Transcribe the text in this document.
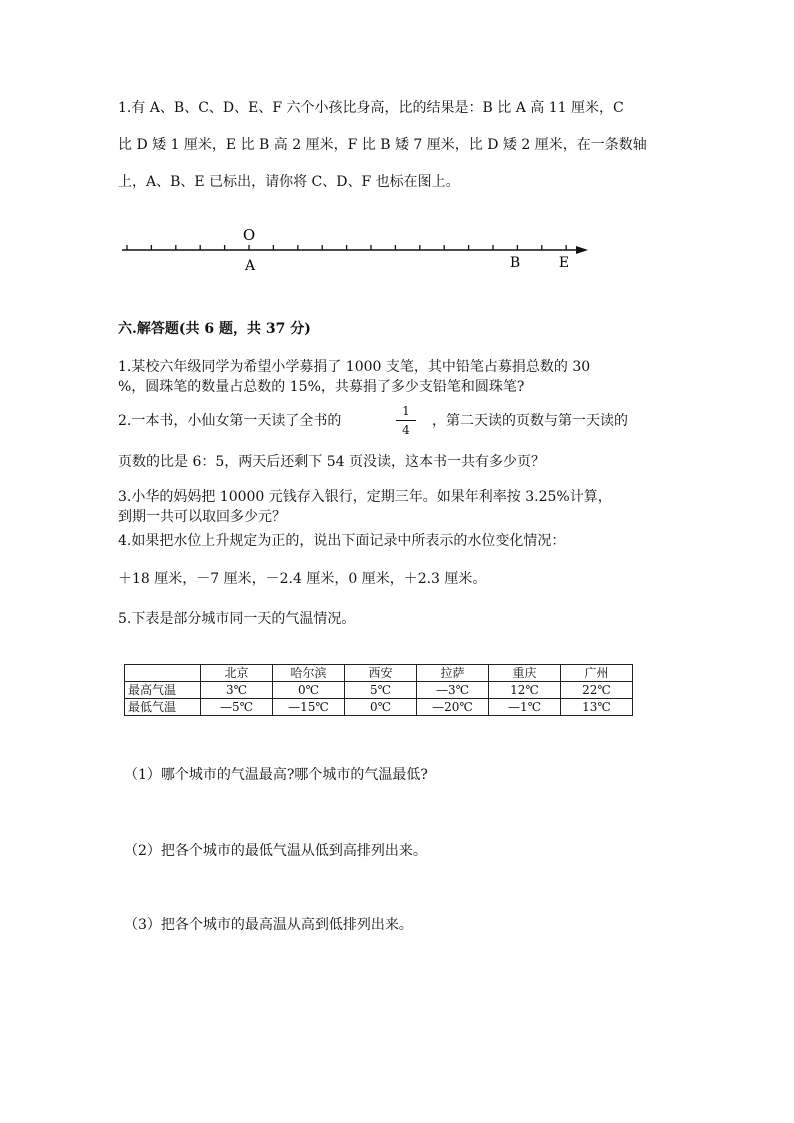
1.有 A、B、C、D、E、F 六个小孩比身高，比的结果是：B 比 A 高 11 厘米，C
比 D 矮 1 厘米，E 比 B 高 2 厘米，F 比 B 矮 7 厘米，比 D 矮 2 厘米，在一条数轴
上，A、B、E 已标出，请你将 C、D、F 也标在图上。
O
A	B	E
六.解答题(共 6 题，共 37 分)
1.某校六年级同学为希望小学募捐了 1000 支笔，其中铅笔占募捐总数的 30
%，圆珠笔的数量占总数的 15%，共募捐了多少支铅笔和圆珠笔?
2.一本书，小仙女第一天读了全书的
1
4
，第二天读的页数与第一天读的
页数的比是 6：5，两天后还剩下 54 页没读，这本书一共有多少页？
3.小华的妈妈把 10000 元钱存入银行，定期三年。如果年利率按 3.25%计算，
到期一共可以取回多少元？
4.如果把水位上升规定为正的，说出下面记录中所表示的水位变化情况：
＋18 厘米，－7 厘米，－2.4 厘米，0 厘米，＋2.3 厘米。
5.下表是部分城市同一天的气温情况。
	北京	哈尔滨	西安	拉萨	重庆	广州
最高气温	3℃	0℃	5℃	—3℃	12℃	22℃
最低气温	—5℃	—15℃	0℃	—20℃	—1℃	13℃
（1）哪个城市的气温最高?哪个城市的气温最低?
（2）把各个城市的最低气温从低到高排列出来。
（3）把各个城市的最高温从高到低排列出来。
